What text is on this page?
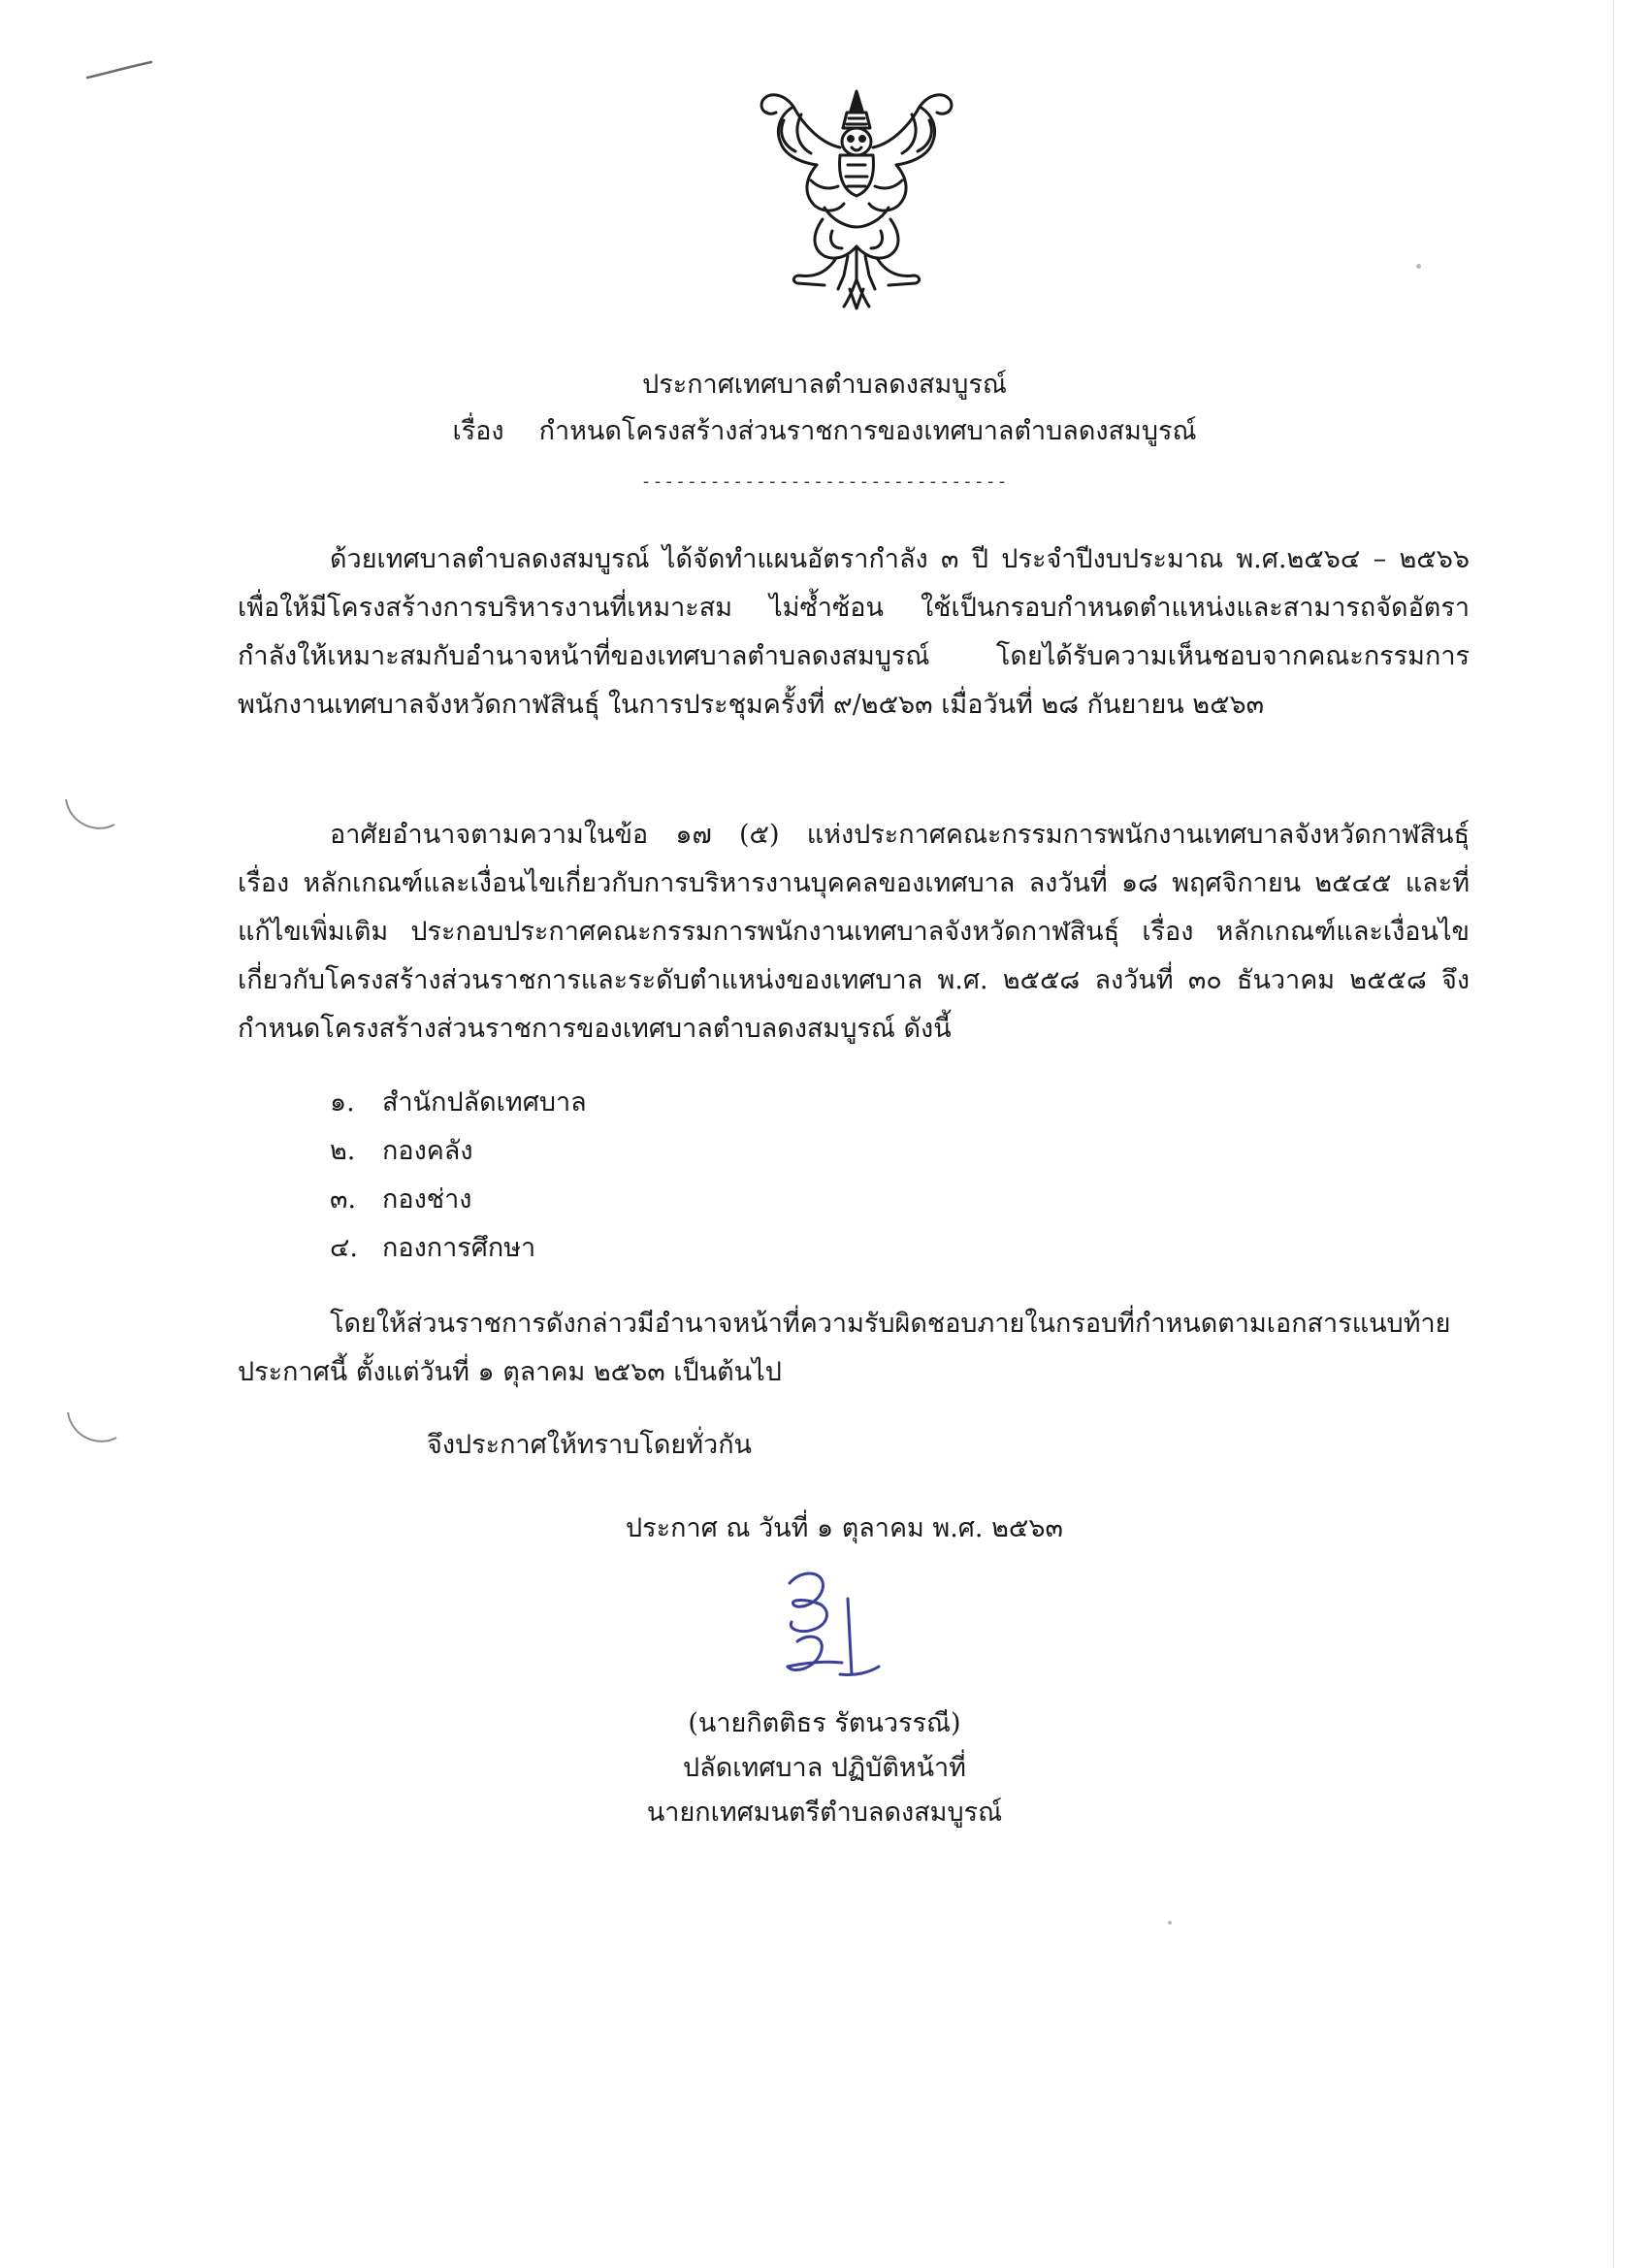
ประกาศเทศบาลตำบลดงสมบูรณ์
เรื่อง กำหนดโครงสร้างส่วนราชการของเทศบาลตำบลดงสมบูรณ์
--------------------------------

ด้วยเทศบาลตำบลดงสมบูรณ์ ได้จัดทำแผนอัตรากำลัง ๓ ปี ประจำปีงบประมาณ พ.ศ.๒๕๖๔ – ๒๕๖๖ เพื่อให้มีโครงสร้างการบริหารงานที่เหมาะสม ไม่ซ้ำซ้อน ใช้เป็นกรอบกำหนดตำแหน่งและสามารถจัดอัตรากำลังให้เหมาะสมกับอำนาจหน้าที่ของเทศบาลตำบลดงสมบูรณ์ โดยได้รับความเห็นชอบจากคณะกรรมการพนักงานเทศบาลจังหวัดกาฬสินธุ์ ในการประชุมครั้งที่ ๙/๒๕๖๓ เมื่อวันที่ ๒๘ กันยายน ๒๕๖๓

อาศัยอำนาจตามความในข้อ ๑๗ (๕) แห่งประกาศคณะกรรมการพนักงานเทศบาลจังหวัดกาฬสินธุ์ เรื่อง หลักเกณฑ์และเงื่อนไขเกี่ยวกับการบริหารงานบุคคลของเทศบาล ลงวันที่ ๑๘ พฤศจิกายน ๒๕๔๕ และที่แก้ไขเพิ่มเติม ประกอบประกาศคณะกรรมการพนักงานเทศบาลจังหวัดกาฬสินธุ์ เรื่อง หลักเกณฑ์และเงื่อนไขเกี่ยวกับโครงสร้างส่วนราชการและระดับตำแหน่งของเทศบาล พ.ศ. ๒๕๕๘ ลงวันที่ ๓๐ ธันวาคม ๒๕๕๘ จึงกำหนดโครงสร้างส่วนราชการของเทศบาลตำบลดงสมบูรณ์ ดังนี้

๑. สำนักปลัดเทศบาล
๒. กองคลัง
๓. กองช่าง
๔. กองการศึกษา

โดยให้ส่วนราชการดังกล่าวมีอำนาจหน้าที่ความรับผิดชอบภายในกรอบที่กำหนดตามเอกสารแนบท้ายประกาศนี้ ตั้งแต่วันที่ ๑ ตุลาคม ๒๕๖๓ เป็นต้นไป

จึงประกาศให้ทราบโดยทั่วกัน

ประกาศ ณ วันที่ ๑ ตุลาคม พ.ศ. ๒๕๖๓

(นายกิตติธร รัตนวรรณี)
ปลัดเทศบาล ปฏิบัติหน้าที่
นายกเทศมนตรีตำบลดงสมบูรณ์
